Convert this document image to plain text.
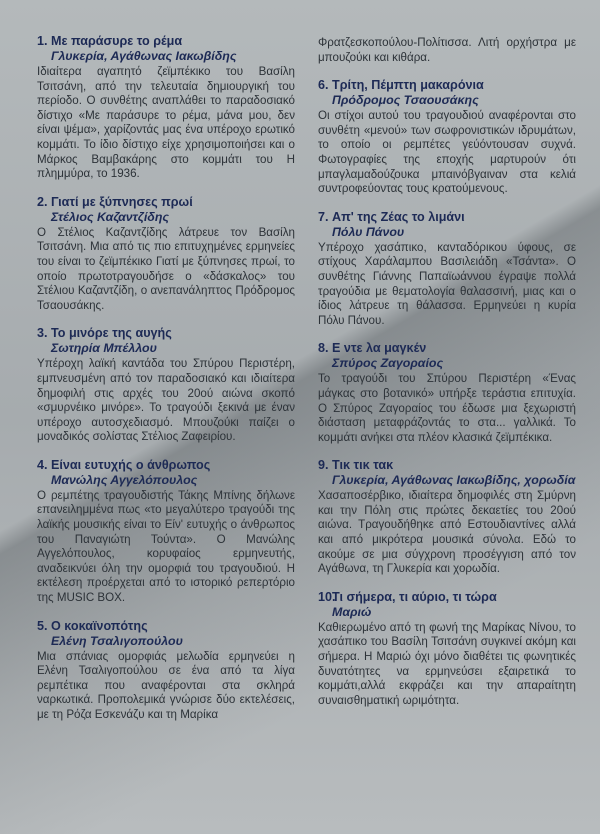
1. Με παράσυρε το ρέμα
Γλυκερία, Αγάθωνας Ιακωβίδης
Ιδιαίτερα αγαπητό ζεϊμπέκικο του Βασίλη Τσιτσάνη, από την τελευταία δημιουργική του περίοδο. Ο συνθέτης αναπλάθει το παραδοσιακό δίστιχο «Με παράσυρε το ρέμα, μάνα μου, δεν είναι ψέμα», χαρίζοντάς μας ένα υπέροχο ερωτικό κομμάτι. Το ίδιο δίστιχο είχε χρησιμοποιήσει και ο Μάρκος Βαμβακάρης στο κομμάτι του Η πλημμύρα, το 1936.
2. Γιατί με ξύπνησες πρωί
Στέλιος Καζαντζίδης
Ο Στέλιος Καζαντζίδης λάτρευε τον Βασίλη Τσιτσάνη. Μια από τις πιο επιτυχημένες ερμηνείες του είναι το ζεϊμπέκικο Γιατί με ξύπνησες πρωί, το οποίο πρωτοτραγουδήσε ο «δάσκαλος» του Στέλιου Καζαντζίδη, ο ανεπανάληπτος Πρόδρομος Τσαουσάκης.
3. Το μινόρε της αυγής
Σωτηρία Μπέλλου
Υπέροχη λαϊκή καντάδα του Σπύρου Περιστέρη, εμπνευσμένη από τον παραδοσιακό και ιδιαίτερα δημοφιλή στις αρχές του 20ού αιώνα σκοπό «σμυρνέικο μινόρε». Το τραγούδι ξεκινά με έναν υπέροχο αυτοσχεδιασμό. Μπουζούκι παίζει ο μοναδικός σολίστας Στέλιος Ζαφειρίου.
4. Είναι ευτυχής ο άνθρωπος
Μανώλης Αγγελόπουλος
Ο ρεμπέτης τραγουδιστής Τάκης Μπίνης δήλωνε επανειλημμένα πως «το μεγαλύτερο τραγούδι της λαϊκής μουσικής είναι το Είν' ευτυχής ο άνθρωπος του Παναγιώτη Τούντα». Ο Μανώλης Αγγελόπουλος, κορυφαίος ερμηνευτής, αναδεικνύει όλη την ομορφιά του τραγουδιού. Η εκτέλεση προέρχεται από το ιστορικό ρεπερτόριο της MUSIC BOX.
5. Ο κοκαϊνοπότης
Ελένη Τσαλιγοπούλου
Μια σπάνιας ομορφιάς μελωδία ερμηνεύει η Ελένη Τσαλιγοπούλου σε ένα από τα λίγα ρεμπέτικα που αναφέρονται στα σκληρά ναρκωτικά. Προπολεμικά γνώρισε δύο εκτελέσεις, με τη Ρόζα Εσκενάζυ και τη Μαρίκα
Φρατζεσκοπούλου-Πολίτισσα. Λιτή ορχήστρα με μπουζούκι και κιθάρα.
6. Τρίτη, Πέμπτη μακαρόνια
Πρόδρομος Τσαουσάκης
Οι στίχοι αυτού του τραγουδιού αναφέρονται στο συνθέτη «μενού» των σωφρονιστικών ιδρυμάτων, το οποίο οι ρεμπέτες γεύόντουσαν συχνά. Φωτογραφίες της εποχής μαρτυρούν ότι μπαγλαμαδούζουκα μπαινόβγαιναν στα κελιά συντροφεύοντας τους κρατούμενους.
7. Απ' της Ζέας το λιμάνι
Πόλυ Πάνου
Υπέροχο χασάπικο, κανταδόρικου ύφους, σε στίχους Χαράλαμπου Βασιλειάδη «Τσάντα». Ο συνθέτης Γιάννης Παπαϊωάννου έγραψε πολλά τραγούδια με θεματολογία θαλασσινή, μιας και ο ίδιος λάτρευε τη θάλασσα. Ερμηνεύει η κυρία Πόλυ Πάνου.
8. Ε ντε λα μαγκέν
Σπύρος Ζαγοραίος
Το τραγούδι του Σπύρου Περιστέρη «Ένας μάγκας στο βοτανικό» υπήρξε τεράστια επιτυχία. Ο Σπύρος Ζαγοραίος του έδωσε μια ξεχωριστή διάσταση μεταφράζοντάς το στα... γαλλικά. Το κομμάτι ανήκει στα πλέον κλασικά ζεϊμπέκικα.
9. Τικ τικ τακ
Γλυκερία, Αγάθωνας Ιακωβίδης, χορωδία
Χασαποσέρβικο, ιδιαίτερα δημοφιλές στη Σμύρνη και την Πόλη στις πρώτες δεκαετίες του 20ού αιώνα. Τραγουδήθηκε από Εστουδιαντίνες αλλά και από μικρότερα μουσικά σύνολα. Εδώ το ακούμε σε μια σύγχρονη προσέγγιση από τον Αγάθωνα, τη Γλυκερία και χορωδία.
10.Τι σήμερα, τι αύριο, τι τώρα
Μαριώ
Καθιερωμένο από τη φωνή της Μαρίκας Νίνου, το χασάπικο του Βασίλη Τσιτσάνη συγκινεί ακόμη και σήμερα. Η Μαριώ όχι μόνο διαθέτει τις φωνητικές δυνατότητες να ερμηνεύσει εξαιρετικά το κομμάτι,αλλά εκφράζει και την απαραίτητη συναισθηματική ωριμότητα.
